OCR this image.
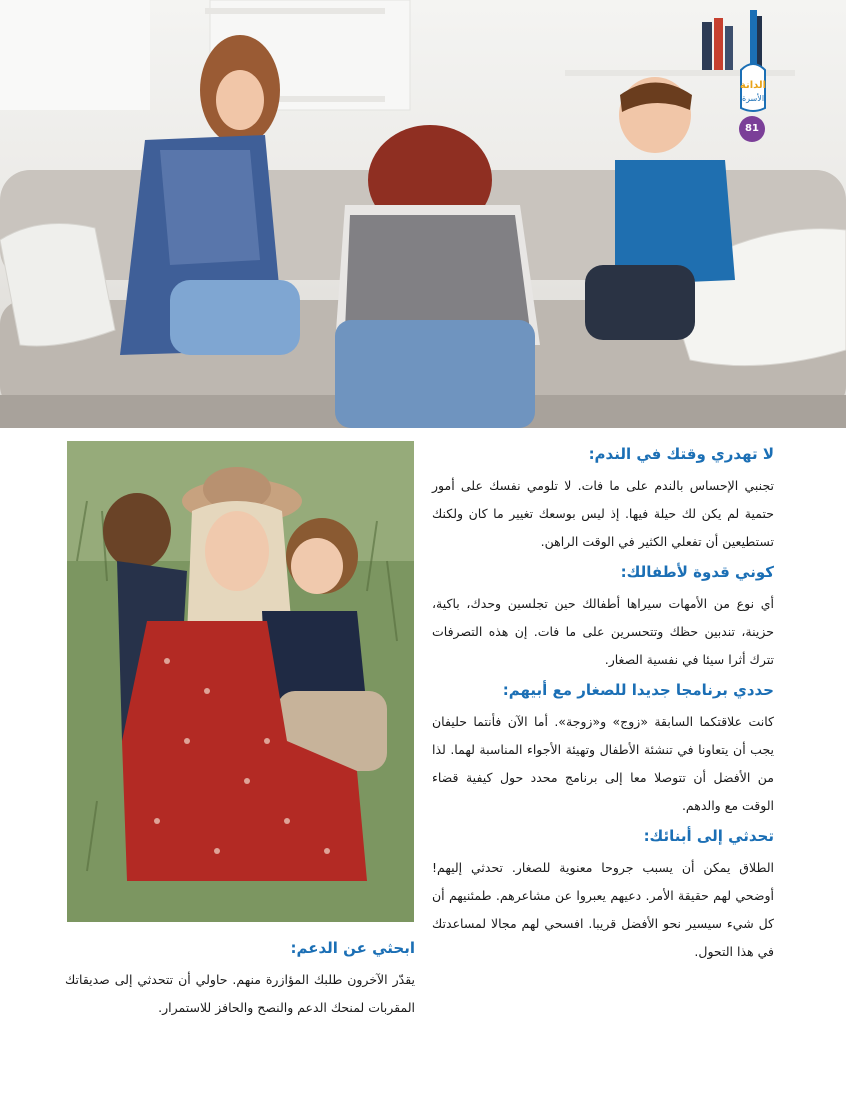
الدانة
الأسرة
81
لا تهدري وقتك في الندم:

تجنبي الإحساس بالندم على ما فات. لا تلومي نفسك على أمور حتمية لم يكن لك حيلة فيها. إذ ليس بوسعك تغيير ما كان ولكنك تستطيعين أن تفعلي الكثير في الوقت الراهن.

كوني قدوة لأطفالك:

أي نوع من الأمهات سيراها أطفالك حين تجلسين وحدك، باكية، حزينة، تندبين حظك وتتحسرين على ما فات. إن هذه التصرفات تترك أثرا سيئا في نفسية الصغار.

حددي برنامجا جديدا للصغار مع أبيهم:

كانت علاقتكما السابقة «زوج» و«زوجة». أما الآن فأنتما حليفان يجب أن يتعاونا في تنشئة الأطفال وتهيئة الأجواء المناسبة لهما. لذا من الأفضل أن تتوصلا معا إلى برنامج محدد حول كيفية قضاء الوقت مع والدهم.

تحدثي إلى أبنائك:

الطلاق يمكن أن يسبب جروحا معنوية للصغار. تحدثي إليهم! أوضحي لهم حقيقة الأمر. دعيهم يعبروا عن مشاعرهم. طمئنيهم أن كل شيء سيسير نحو الأفضل قريبا. افسحي لهم مجالا لمساعدتك في هذا التحول.

ابحثي عن الدعم:

يقدّر الآخرون طلبك المؤازرة منهم. حاولي أن تتحدثي إلى صديقاتك المقربات لمنحك الدعم والنصح والحافز للاستمرار.
